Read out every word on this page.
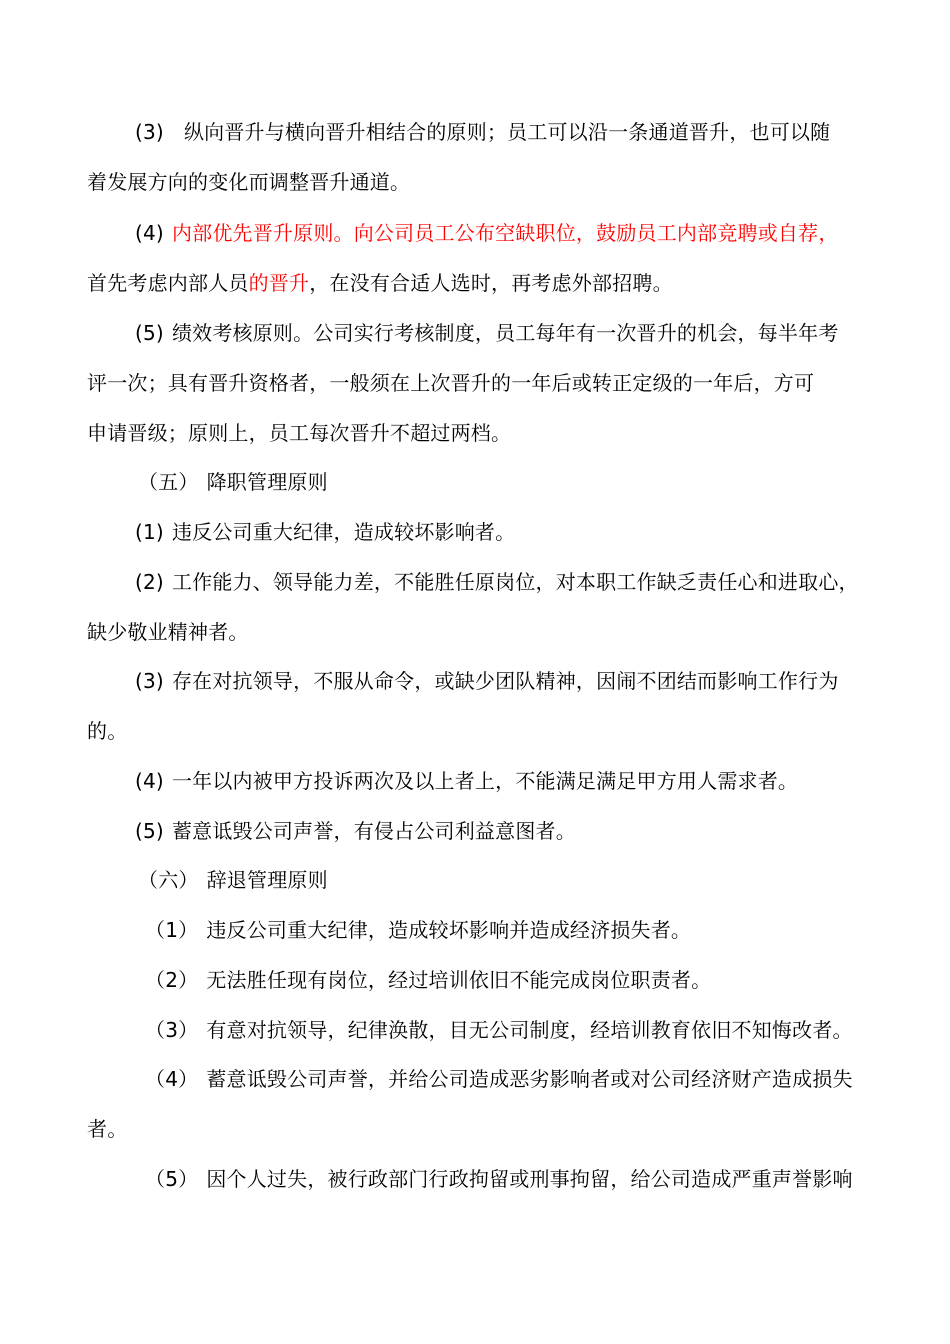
(3) 纵向晋升与横向晋升相结合的原则；员工可以沿一条通道晋升，也可以随
着发展方向的变化而调整晋升通道。
(4) 内部优先晋升原则。向公司员工公布空缺职位，鼓励员工内部竞聘或自荐，
首先考虑内部人员的晋升，在没有合适人选时，再考虑外部招聘。
(5) 绩效考核原则。公司实行考核制度，员工每年有一次晋升的机会，每半年考
评一次；具有晋升资格者，一般须在上次晋升的一年后或转正定级的一年后，方可
申请晋级；原则上，员工每次晋升不超过两档。
（五） 降职管理原则
(1) 违反公司重大纪律，造成较坏影响者。
(2) 工作能力、领导能力差，不能胜任原岗位，对本职工作缺乏责任心和进取心，
缺少敬业精神者。
(3) 存在对抗领导，不服从命令，或缺少团队精神，因闹不团结而影响工作行为
的。
(4) 一年以内被甲方投诉两次及以上者上，不能满足满足甲方用人需求者。
(5) 蓄意诋毁公司声誉，有侵占公司利益意图者。
（六） 辞退管理原则
（1） 违反公司重大纪律，造成较坏影响并造成经济损失者。
（2） 无法胜任现有岗位，经过培训依旧不能完成岗位职责者。
（3） 有意对抗领导，纪律涣散，目无公司制度，经培训教育依旧不知悔改者。
（4） 蓄意诋毁公司声誉，并给公司造成恶劣影响者或对公司经济财产造成损失
者。
（5） 因个人过失，被行政部门行政拘留或刑事拘留，给公司造成严重声誉影响
